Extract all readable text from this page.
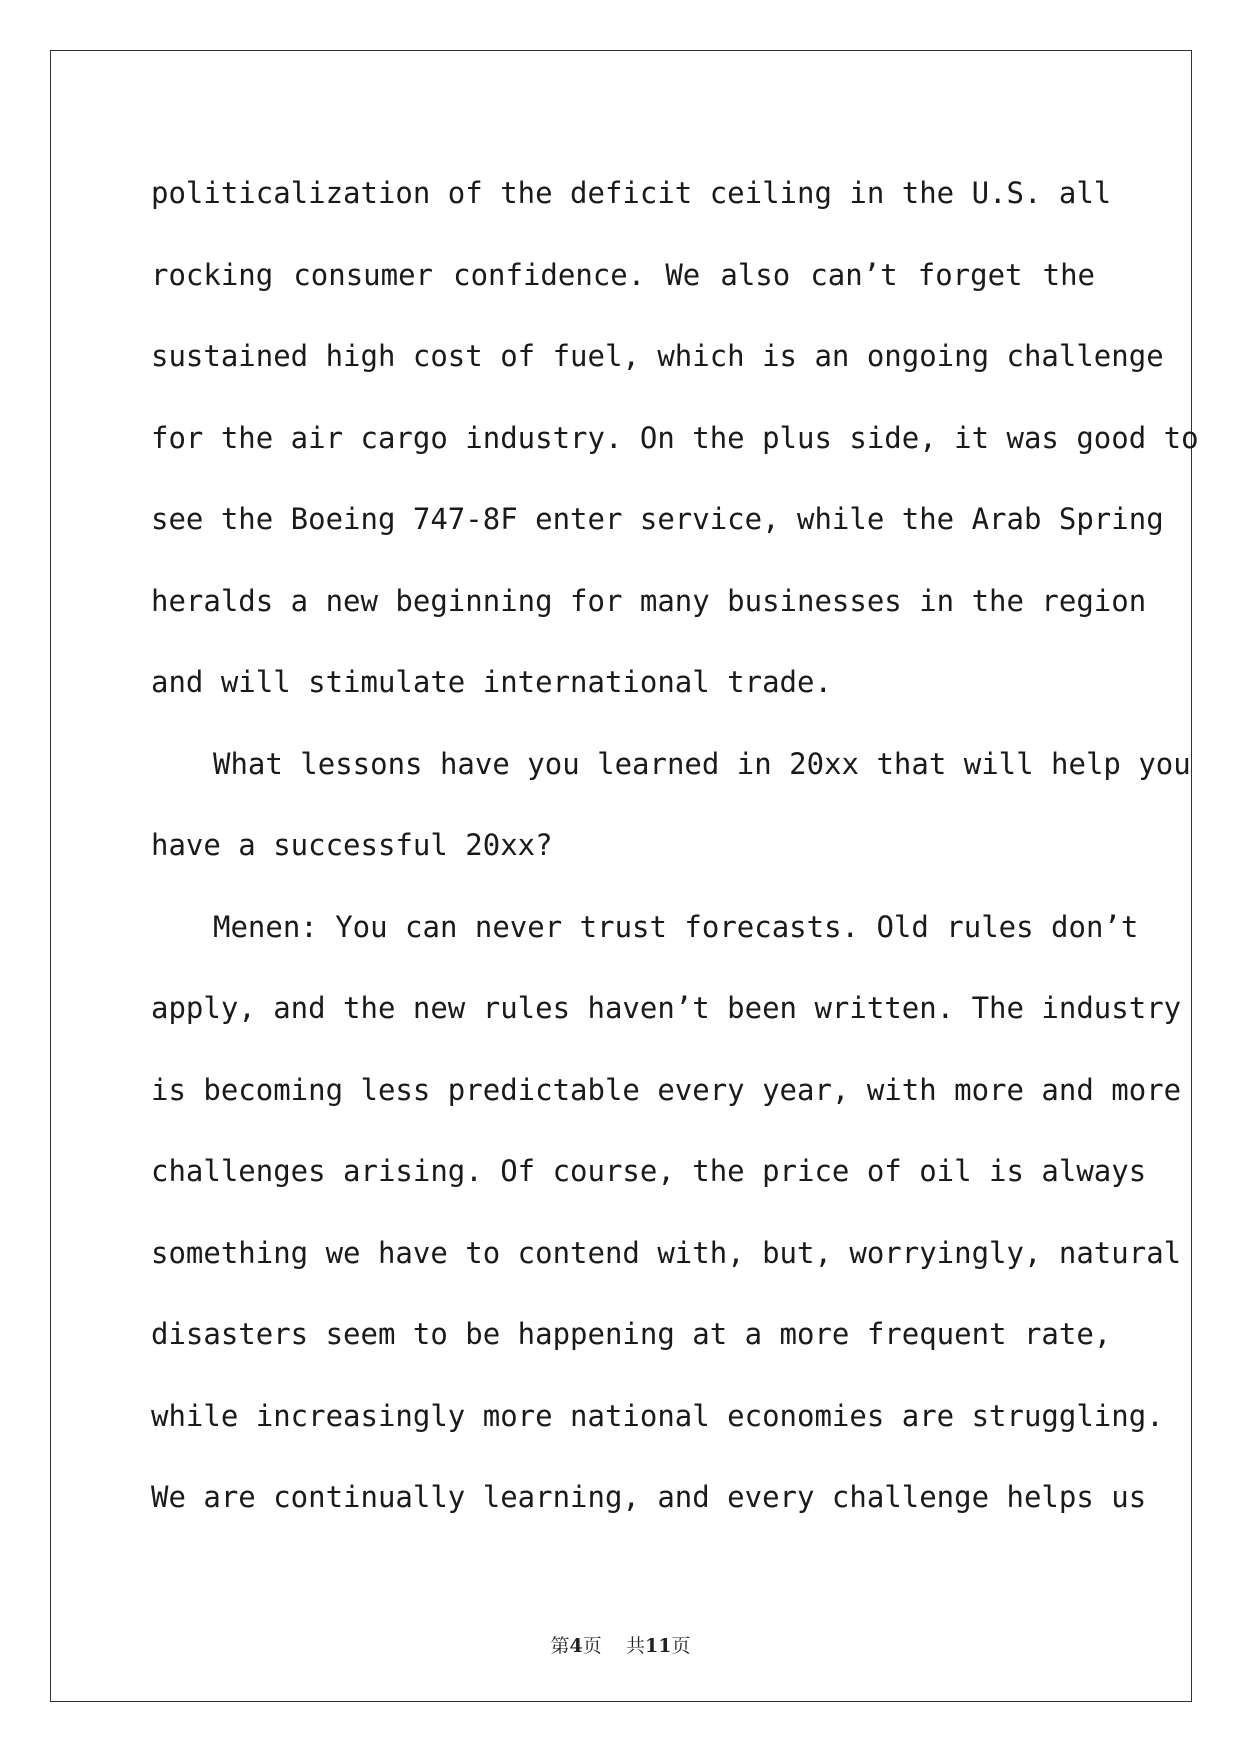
politicalization of the deficit ceiling in the U.S. all
rocking consumer confidence. We also can’t forget the
sustained high cost of fuel, which is an ongoing challenge
for the air cargo industry. On the plus side, it was good to
see the Boeing 747-8F enter service, while the Arab Spring
heralds a new beginning for many businesses in the region
and will stimulate international trade.
What lessons have you learned in 20xx that will help you
have a successful 20xx?
Menen: You can never trust forecasts. Old rules don’t
apply, and the new rules haven’t been written. The industry
is becoming less predictable every year, with more and more
challenges arising. Of course, the price of oil is always
something we have to contend with, but, worryingly, natural
disasters seem to be happening at a more frequent rate,
while increasingly more national economies are struggling.
We are continually learning, and every challenge helps us
第4页 共11页
